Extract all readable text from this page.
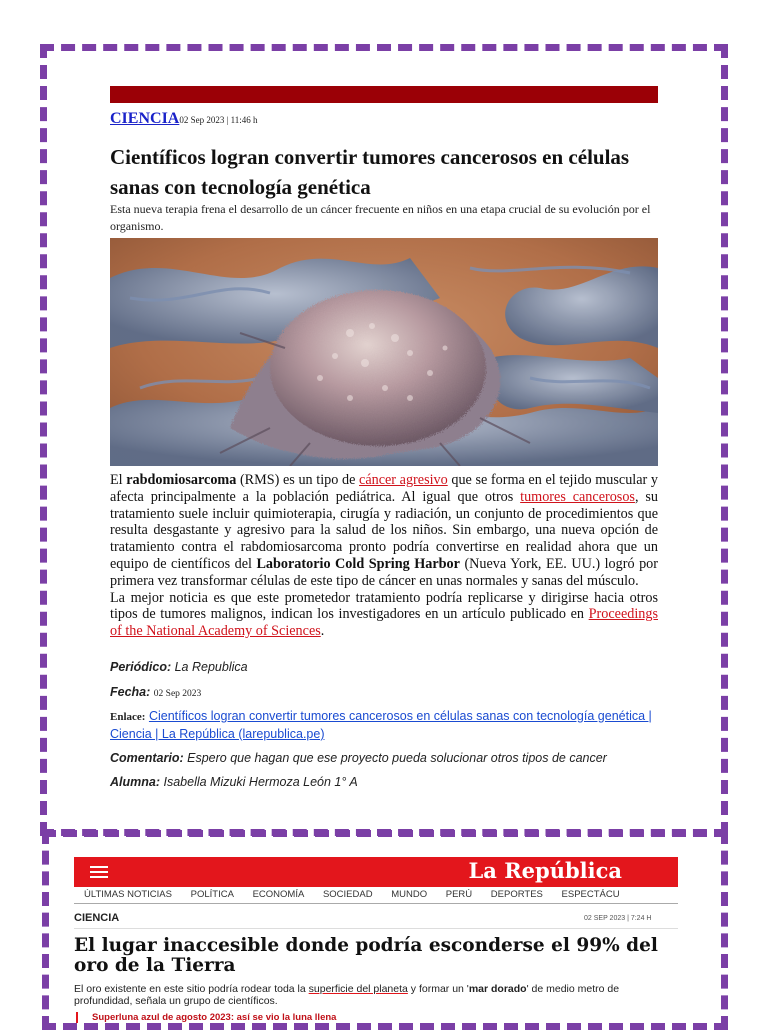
CIENCIA02 Sep 2023 | 11:46 h
Científicos logran convertir tumores cancerosos en células sanas con tecnología genética

Esta nueva terapia frena el desarrollo de un cáncer frecuente en niños en una etapa crucial de su evolución por el organismo.

El rabdomiosarcoma (RMS) es un tipo de cáncer agresivo que se forma en el tejido muscular y afecta principalmente a la población pediátrica. Al igual que otros tumores cancerosos, su tratamiento suele incluir quimioterapia, cirugía y radiación, un conjunto de procedimientos que resulta desgastante y agresivo para la salud de los niños. Sin embargo, una nueva opción de tratamiento contra el rabdomiosarcoma pronto podría convertirse en realidad ahora que un equipo de científicos del Laboratorio Cold Spring Harbor (Nueva York, EE. UU.) logró por primera vez transformar células de este tipo de cáncer en unas normales y sanas del músculo.

La mejor noticia es que este prometedor tratamiento podría replicarse y dirigirse hacia otros tipos de tumores malignos, indican los investigadores en un artículo publicado en Proceedings of the National Academy of Sciences.

Periódico: La Republica
Fecha: 02 Sep 2023
Enlace: Científicos logran convertir tumores cancerosos en células sanas con tecnología genética | Ciencia | La República (larepublica.pe)
Comentario: Espero que hagan que ese proyecto pueda solucionar otros tipos de cancer
Alumna: Isabella Mizuki Hermoza León 1° A
La República
ÚLTIMAS NOTICIAS POLÍTICA ECONOMÍA SOCIEDAD MUNDO PERÚ DEPORTES ESPECTÁCU
CIENCIA	02 SEP 2023 | 7:24 H
El lugar inaccesible donde podría esconderse el 99% del oro de la Tierra

El oro existente en este sitio podría rodear toda la superficie del planeta y formar un 'mar dorado' de medio metro de profundidad, señala un grupo de científicos.

Superluna azul de agosto 2023: así se vio la luna llena
